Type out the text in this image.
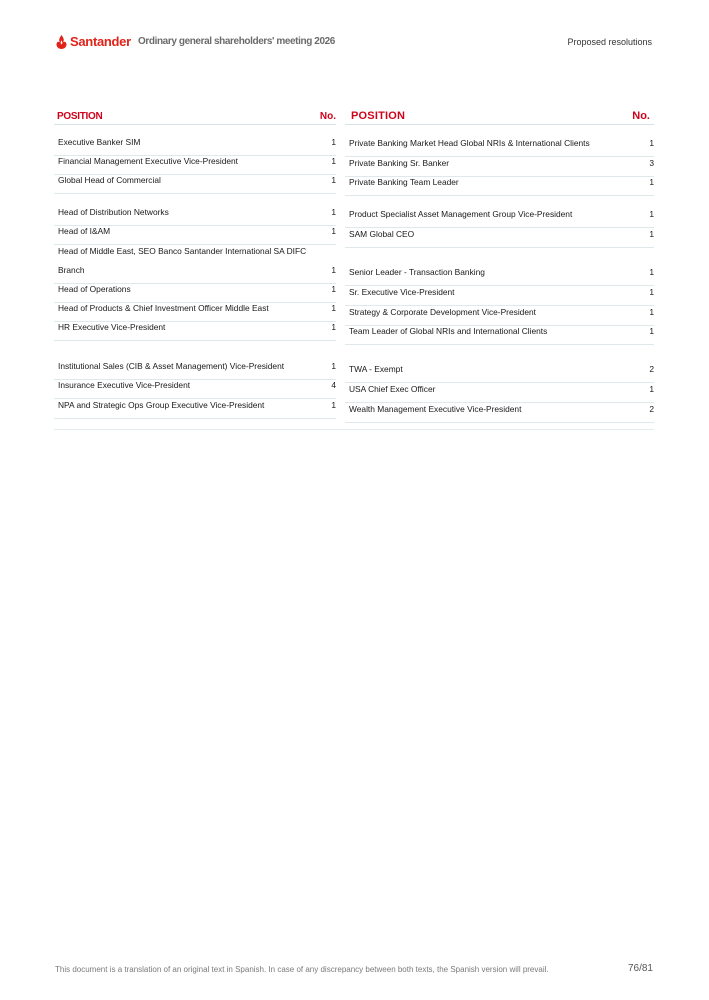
Santander Ordinary general shareholders' meeting 2026	Proposed resolutions
POSITION	No.
Executive Banker SIM	1
Financial Management Executive Vice-President	1
Global Head of Commercial	1
Head of Distribution Networks	1
Head of I&AM	1
Head of Middle East, SEO Banco Santander International SA DIFC Branch	1
Head of Operations	1
Head of Products & Chief Investment Officer Middle East	1
HR Executive Vice-President	1
Institutional Sales (CIB & Asset Management) Vice-President	1
Insurance Executive Vice-President	4
NPA and Strategic Ops Group Executive Vice-President	1
POSITION	No.
Private Banking Market Head Global NRIs & International Clients	1
Private Banking Sr. Banker	3
Private Banking Team Leader	1
Product Specialist Asset Management Group Vice-President	1
SAM Global CEO	1
Senior Leader - Transaction Banking	1
Sr. Executive Vice-President	1
Strategy & Corporate Development Vice-President	1
Team Leader of Global NRIs and International Clients	1
TWA - Exempt	2
USA Chief Exec Officer	1
Wealth Management Executive Vice-President	2
This document is a translation of an original text in Spanish. In case of any discrepancy between both texts, the Spanish version will prevail.	76/81
